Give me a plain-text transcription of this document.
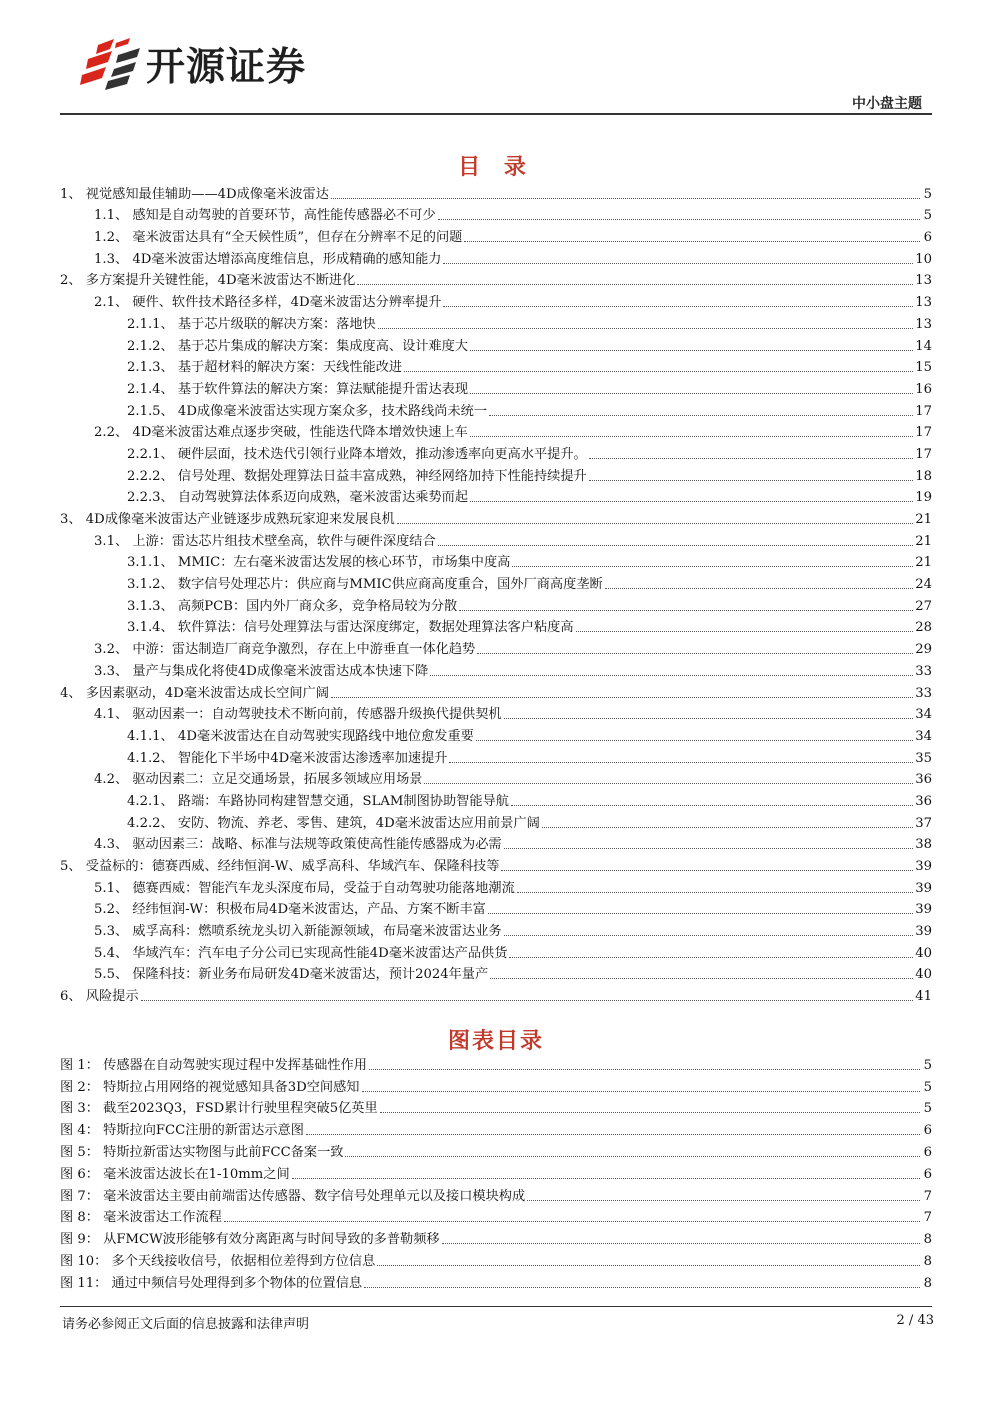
开源证券
中小盘主题
目 录
1、 视觉感知最佳辅助——4D成像毫米波雷达	5
1.1、 感知是自动驾驶的首要环节，高性能传感器必不可少	5
1.2、 毫米波雷达具有“全天候性质”，但存在分辨率不足的问题	6
1.3、 4D毫米波雷达增添高度维信息，形成精确的感知能力	10
2、 多方案提升关键性能，4D毫米波雷达不断进化	13
2.1、 硬件、软件技术路径多样，4D毫米波雷达分辨率提升	13
2.1.1、 基于芯片级联的解决方案：落地快	13
2.1.2、 基于芯片集成的解决方案：集成度高、设计难度大	14
2.1.3、 基于超材料的解决方案：天线性能改进	15
2.1.4、 基于软件算法的解决方案：算法赋能提升雷达表现	16
2.1.5、 4D成像毫米波雷达实现方案众多，技术路线尚未统一	17
2.2、 4D毫米波雷达难点逐步突破，性能迭代降本增效快速上车	17
2.2.1、 硬件层面，技术迭代引领行业降本增效，推动渗透率向更高水平提升。	17
2.2.2、 信号处理、数据处理算法日益丰富成熟，神经网络加持下性能持续提升	18
2.2.3、 自动驾驶算法体系迈向成熟，毫米波雷达乘势而起	19
3、 4D成像毫米波雷达产业链逐步成熟玩家迎来发展良机	21
3.1、 上游：雷达芯片组技术壁垒高，软件与硬件深度结合	21
3.1.1、 MMIC：左右毫米波雷达发展的核心环节，市场集中度高	21
3.1.2、 数字信号处理芯片：供应商与MMIC供应商高度重合，国外厂商高度垄断	24
3.1.3、 高频PCB：国内外厂商众多，竞争格局较为分散	27
3.1.4、 软件算法：信号处理算法与雷达深度绑定，数据处理算法客户粘度高	28
3.2、 中游：雷达制造厂商竞争激烈，存在上中游垂直一体化趋势	29
3.3、 量产与集成化将使4D成像毫米波雷达成本快速下降	33
4、 多因素驱动，4D毫米波雷达成长空间广阔	33
4.1、 驱动因素一：自动驾驶技术不断向前，传感器升级换代提供契机	34
4.1.1、 4D毫米波雷达在自动驾驶实现路线中地位愈发重要	34
4.1.2、 智能化下半场中4D毫米波雷达渗透率加速提升	35
4.2、 驱动因素二：立足交通场景，拓展多领域应用场景	36
4.2.1、 路端：车路协同构建智慧交通，SLAM制图协助智能导航	36
4.2.2、 安防、物流、养老、零售、建筑，4D毫米波雷达应用前景广阔	37
4.3、 驱动因素三：战略、标准与法规等政策使高性能传感器成为必需	38
5、 受益标的：德赛西威、经纬恒润-W、威孚高科、华域汽车、保隆科技等	39
5.1、 德赛西威：智能汽车龙头深度布局，受益于自动驾驶功能落地潮流	39
5.2、 经纬恒润-W：积极布局4D毫米波雷达，产品、方案不断丰富	39
5.3、 威孚高科：燃喷系统龙头切入新能源领域，布局毫米波雷达业务	39
5.4、 华域汽车：汽车电子分公司已实现高性能4D毫米波雷达产品供货	40
5.5、 保隆科技：新业务布局研发4D毫米波雷达，预计2024年量产	40
6、 风险提示	41
图表目录
图 1： 传感器在自动驾驶实现过程中发挥基础性作用	5
图 2： 特斯拉占用网络的视觉感知具备3D空间感知	5
图 3： 截至2023Q3，FSD累计行驶里程突破5亿英里	5
图 4： 特斯拉向FCC注册的新雷达示意图	6
图 5： 特斯拉新雷达实物图与此前FCC备案一致	6
图 6： 毫米波雷达波长在1-10mm之间	6
图 7： 毫米波雷达主要由前端雷达传感器、数字信号处理单元以及接口模块构成	7
图 8： 毫米波雷达工作流程	7
图 9： 从FMCW波形能够有效分离距离与时间导致的多普勒频移	8
图 10： 多个天线接收信号，依据相位差得到方位信息	8
图 11： 通过中频信号处理得到多个物体的位置信息	8
请务必参阅正文后面的信息披露和法律声明	2 / 43
